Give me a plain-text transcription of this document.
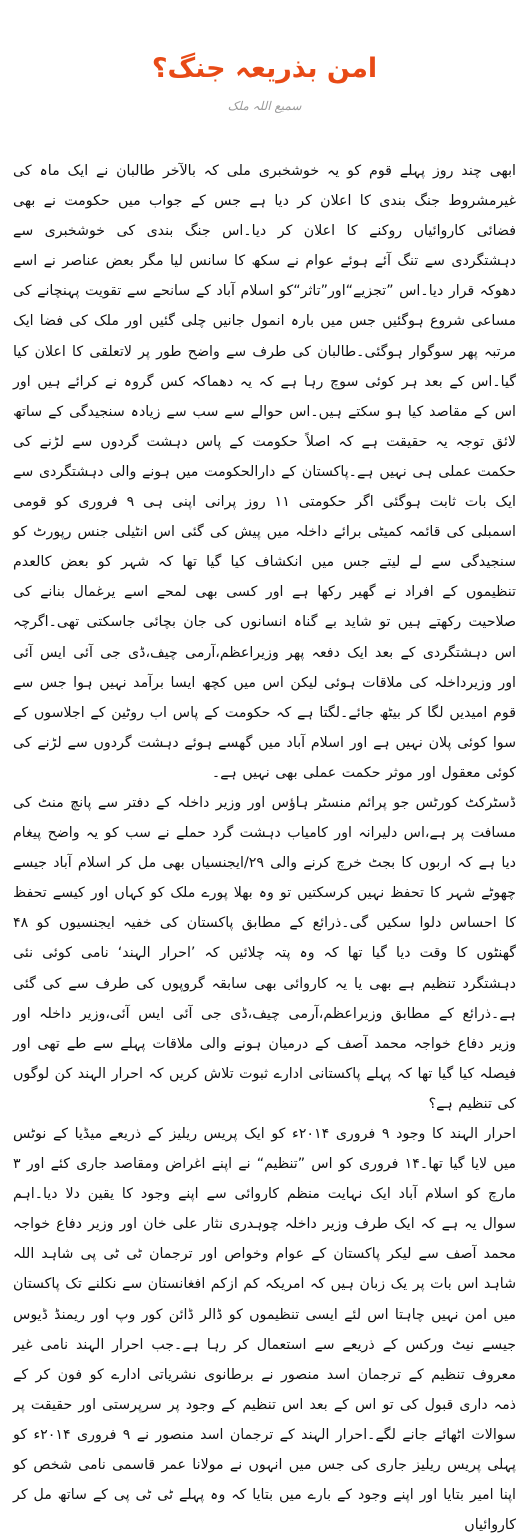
امن بذریعہ جنگ؟
سمیع اللہ ملک

ابھی چند روز پہلے قوم کو یہ خوشخبری ملی کہ بالآخر طالبان نے ایک ماہ کی غیرمشروط جنگ بندی کا اعلان کر دیا ہے جس کے جواب میں حکومت نے بھی فضائی کاروائیاں روکنے کا اعلان کر دیا۔اس جنگ بندی کی خوشخبری سے دہشتگردی سے تنگ آئے ہوئے عوام نے سکھ کا سانس لیا مگر بعض عناصر نے اسے دھوکہ قرار دیا۔اس ”تجزیے“اور”تاثر“کو اسلام آباد کے سانحے سے تقویت پہنچانے کی مساعی شروع ہوگئیں جس میں بارہ انمول جانیں چلی گئیں اور ملک کی فضا ایک مرتبہ پھر سوگوار ہوگئی۔طالبان کی طرف سے واضح طور پر لاتعلقی کا اعلان کیا گیا۔اس کے بعد ہر کوئی سوچ رہا ہے کہ یہ دھماکہ کس گروہ نے کرائے ہیں اور اس کے مقاصد کیا ہو سکتے ہیں۔اس حوالے سے سب سے زیادہ سنجیدگی کے ساتھ لائق توجہ یہ حقیقت ہے کہ اصلاً حکومت کے پاس دہشت گردوں سے لڑنے کی حکمت عملی ہی نہیں ہے۔پاکستان کے دارالحکومت میں ہونے والی دہشتگردی سے ایک بات ثابت ہوگئی اگر حکومتی ۱۱ روز پرانی اپنی ہی ۹ فروری کو قومی اسمبلی کی قائمہ کمیٹی برائے داخلہ میں پیش کی گئی اس انٹیلی جنس رپورٹ کو سنجیدگی سے لے لیتے جس میں انکشاف کیا گیا تھا کہ شہر کو بعض کالعدم تنظیموں کے افراد نے گھیر رکھا ہے اور کسی بھی لمحے اسے یرغمال بنانے کی صلاحیت رکھتے ہیں تو شاید بے گناہ انسانوں کی جان بچائی جاسکتی تھی۔اگرچہ اس دہشتگردی کے بعد ایک دفعہ پھر وزیراعظم،آرمی چیف،ڈی جی آئی ایس آئی اور وزیرداخلہ کی ملاقات ہوئی لیکن اس میں کچھ ایسا برآمد نہیں ہوا جس سے قوم امیدیں لگا کر بیٹھ جائے۔لگتا ہے کہ حکومت کے پاس اب روٹین کے اجلاسوں کے سوا کوئی پلان نہیں ہے اور اسلام آباد میں گھسے ہوئے دہشت گردوں سے لڑنے کی کوئی معقول اور موثر حکمت عملی بھی نہیں ہے۔

ڈسٹرکٹ کورٹس جو پرائم منسٹر ہاؤس اور وزیر داخلہ کے دفتر سے پانچ منٹ کی مسافت پر ہے،اس دلیرانہ اور کامیاب دہشت گرد حملے نے سب کو یہ واضح پیغام دیا ہے کہ اربوں کا بجٹ خرچ کرنے والی ۲۹/ایجنسیاں بھی مل کر اسلام آباد جیسے چھوٹے شہر کا تحفظ نہیں کرسکتیں تو وہ بھلا پورے ملک کو کہاں اور کیسے تحفظ کا احساس دلوا سکیں گی۔ذرائع کے مطابق پاکستان کی خفیہ ایجنسیوں کو ۴۸ گھنٹوں کا وقت دیا گیا تھا کہ وہ پتہ چلائیں کہ ’احرار الہند‘ نامی کوئی نئی دہشتگرد تنظیم ہے بھی یا یہ کاروائی بھی سابقہ گروپوں کی طرف سے کی گئی ہے۔ذرائع کے مطابق وزیراعظم،آرمی چیف،ڈی جی آئی ایس آئی،وزیر داخلہ اور وزیر دفاع خواجہ محمد آصف کے درمیان ہونے والی ملاقات پہلے سے طے تھی اور فیصلہ کیا گیا تھا کہ پہلے پاکستانی ادارے ثبوت تلاش کریں کہ احرار الہند کن لوگوں کی تنظیم ہے؟

احرار الہند کا وجود ۹ فروری ۲۰۱۴ء کو ایک پریس ریلیز کے ذریعے میڈیا کے نوٹس میں لایا گیا تھا۔۱۴ فروری کو اس ”تنظیم“ نے اپنے اغراض ومقاصد جاری کئے اور ۳ مارچ کو اسلام آباد ایک نہایت منظم کاروائی سے اپنے وجود کا یقین دلا دیا۔اہم سوال یہ ہے کہ ایک طرف وزیر داخلہ چوہدری نثار علی خان اور وزیر دفاع خواجہ محمد آصف سے لیکر پاکستان کے عوام وخواص اور ترجمان ٹی ٹی پی شاہد اللہ شاہد اس بات پر یک زبان ہیں کہ امریکہ کم ازکم افغانستان سے نکلنے تک پاکستان میں امن نہیں چاہتا اس لئے ایسی تنظیموں کو ڈالر ڈائن کور وپ اور ریمنڈ ڈیوس جیسے نیٹ ورکس کے ذریعے سے استعمال کر رہا ہے۔جب احرار الہند نامی غیر معروف تنظیم کے ترجمان اسد منصور نے برطانوی نشریاتی ادارے کو فون کر کے ذمہ داری قبول کی تو اس کے بعد اس تنظیم کے وجود پر سرپرستی اور حقیقت پر سوالات اٹھائے جانے لگے۔احرار الہند کے ترجمان اسد منصور نے ۹ فروری ۲۰۱۴ء کو پہلی پریس ریلیز جاری کی جس میں انہوں نے مولانا عمر قاسمی نامی شخص کو اپنا امیر بتایا اور اپنے وجود کے بارے میں بتایا کہ وہ پہلے ٹی ٹی پی کے ساتھ مل کر کاروائیاں
